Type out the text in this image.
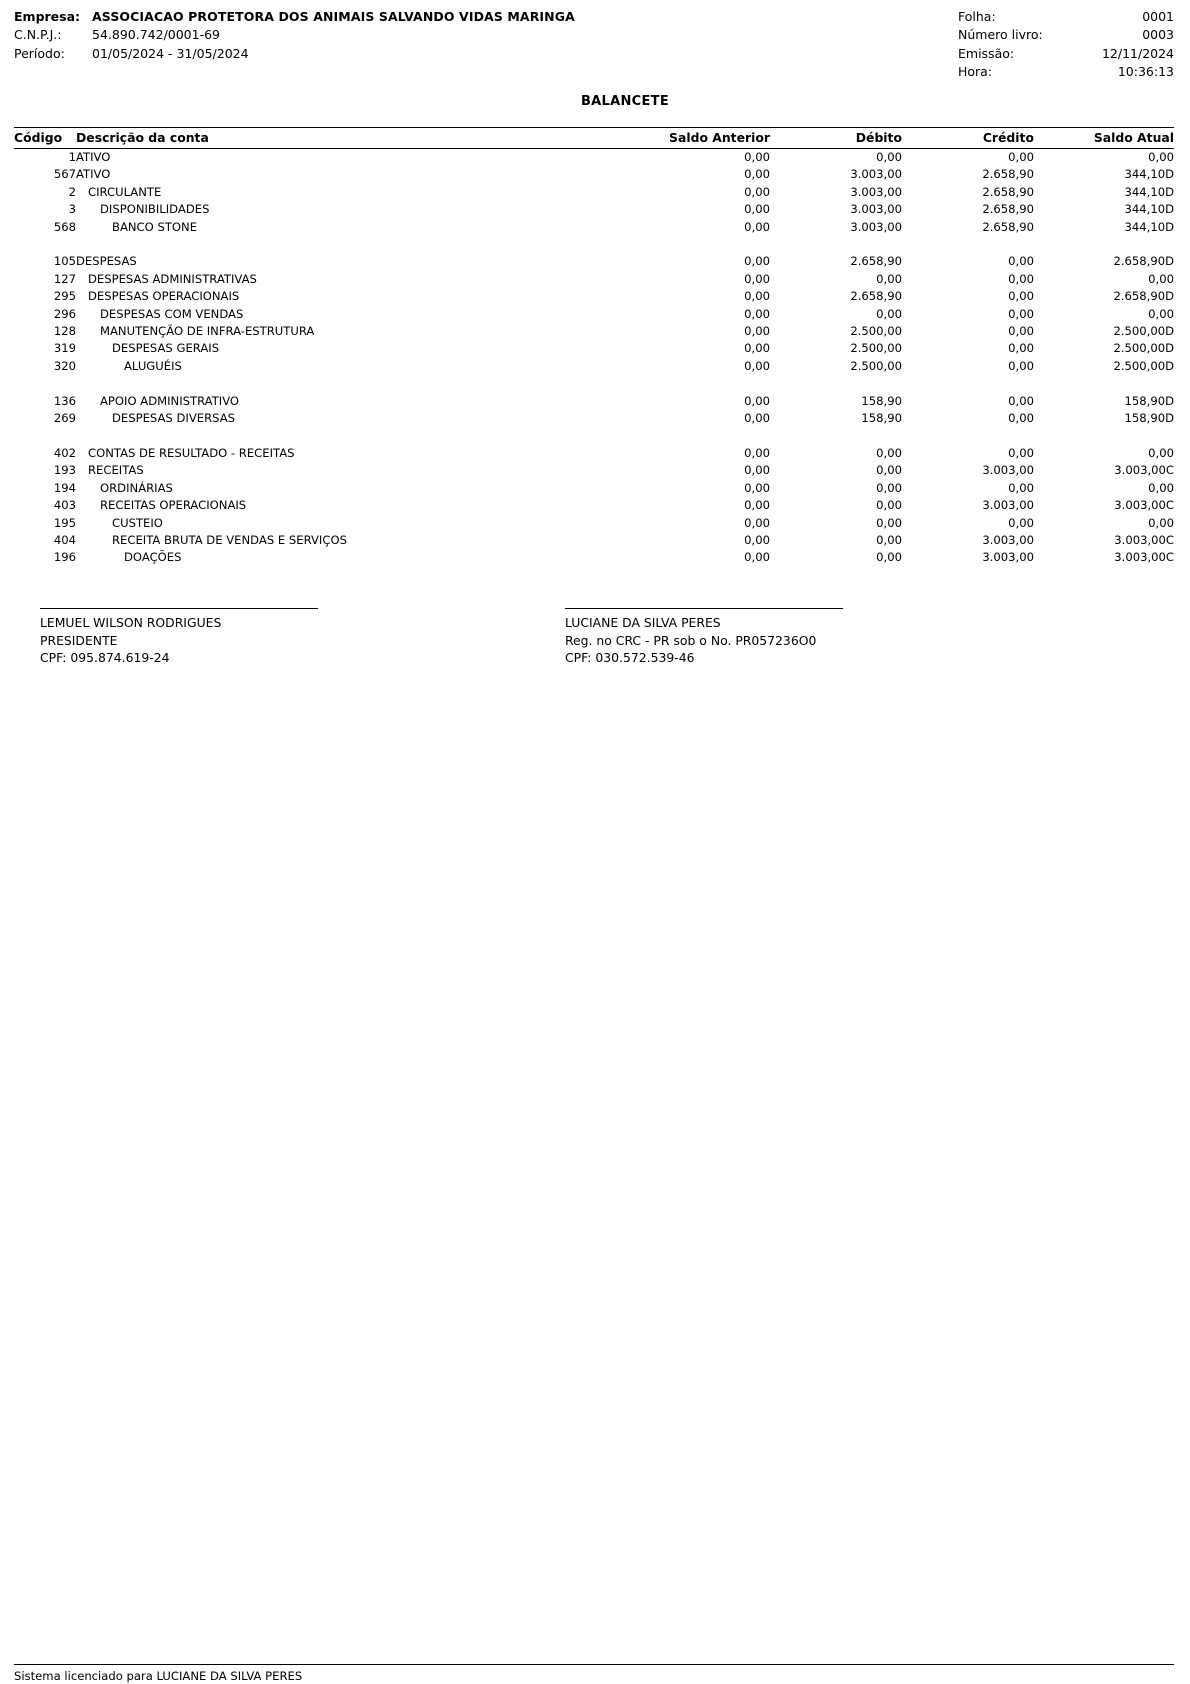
Empresa: ASSOCIACAO PROTETORA DOS ANIMAIS SALVANDO VIDAS MARINGA
C.N.P.J.:	54.890.742/0001-69
Período:	01/05/2024 - 31/05/2024
Folha:	0001
Número livro:	0003
Emissão:	12/11/2024
Hora:	10:36:13
BALANCETE
Código	Descrição da conta	Saldo Anterior	Débito	Crédito	Saldo Atual
1	ATIVO	0,00	0,00	0,00	0,00
567	ATIVO	0,00	3.003,00	2.658,90	344,10D
2	CIRCULANTE	0,00	3.003,00	2.658,90	344,10D
3	DISPONIBILIDADES	0,00	3.003,00	2.658,90	344,10D
568	BANCO STONE	0,00	3.003,00	2.658,90	344,10D

105	DESPESAS	0,00	2.658,90	0,00	2.658,90D
127	DESPESAS ADMINISTRATIVAS	0,00	0,00	0,00	0,00
295	DESPESAS OPERACIONAIS	0,00	2.658,90	0,00	2.658,90D
296	DESPESAS COM VENDAS	0,00	0,00	0,00	0,00
128	MANUTENÇÃO DE INFRA-ESTRUTURA	0,00	2.500,00	0,00	2.500,00D
319	DESPESAS GERAIS	0,00	2.500,00	0,00	2.500,00D
320	ALUGUÉIS	0,00	2.500,00	0,00	2.500,00D

136	APOIO ADMINISTRATIVO	0,00	158,90	0,00	158,90D
269	DESPESAS DIVERSAS	0,00	158,90	0,00	158,90D

402	CONTAS DE RESULTADO - RECEITAS	0,00	0,00	0,00	0,00
193	RECEITAS	0,00	0,00	3.003,00	3.003,00C
194	ORDINÁRIAS	0,00	0,00	0,00	0,00
403	RECEITAS OPERACIONAIS	0,00	0,00	3.003,00	3.003,00C
195	CUSTEIO	0,00	0,00	0,00	0,00
404	RECEITA BRUTA DE VENDAS E SERVIÇOS	0,00	0,00	3.003,00	3.003,00C
196	DOAÇÕES	0,00	0,00	3.003,00	3.003,00C
LEMUEL WILSON RODRIGUES
PRESIDENTE
CPF: 095.874.619-24
LUCIANE DA SILVA PERES
Reg. no CRC - PR sob o No. PR057236O0
CPF: 030.572.539-46
Sistema licenciado para LUCIANE DA SILVA PERES
